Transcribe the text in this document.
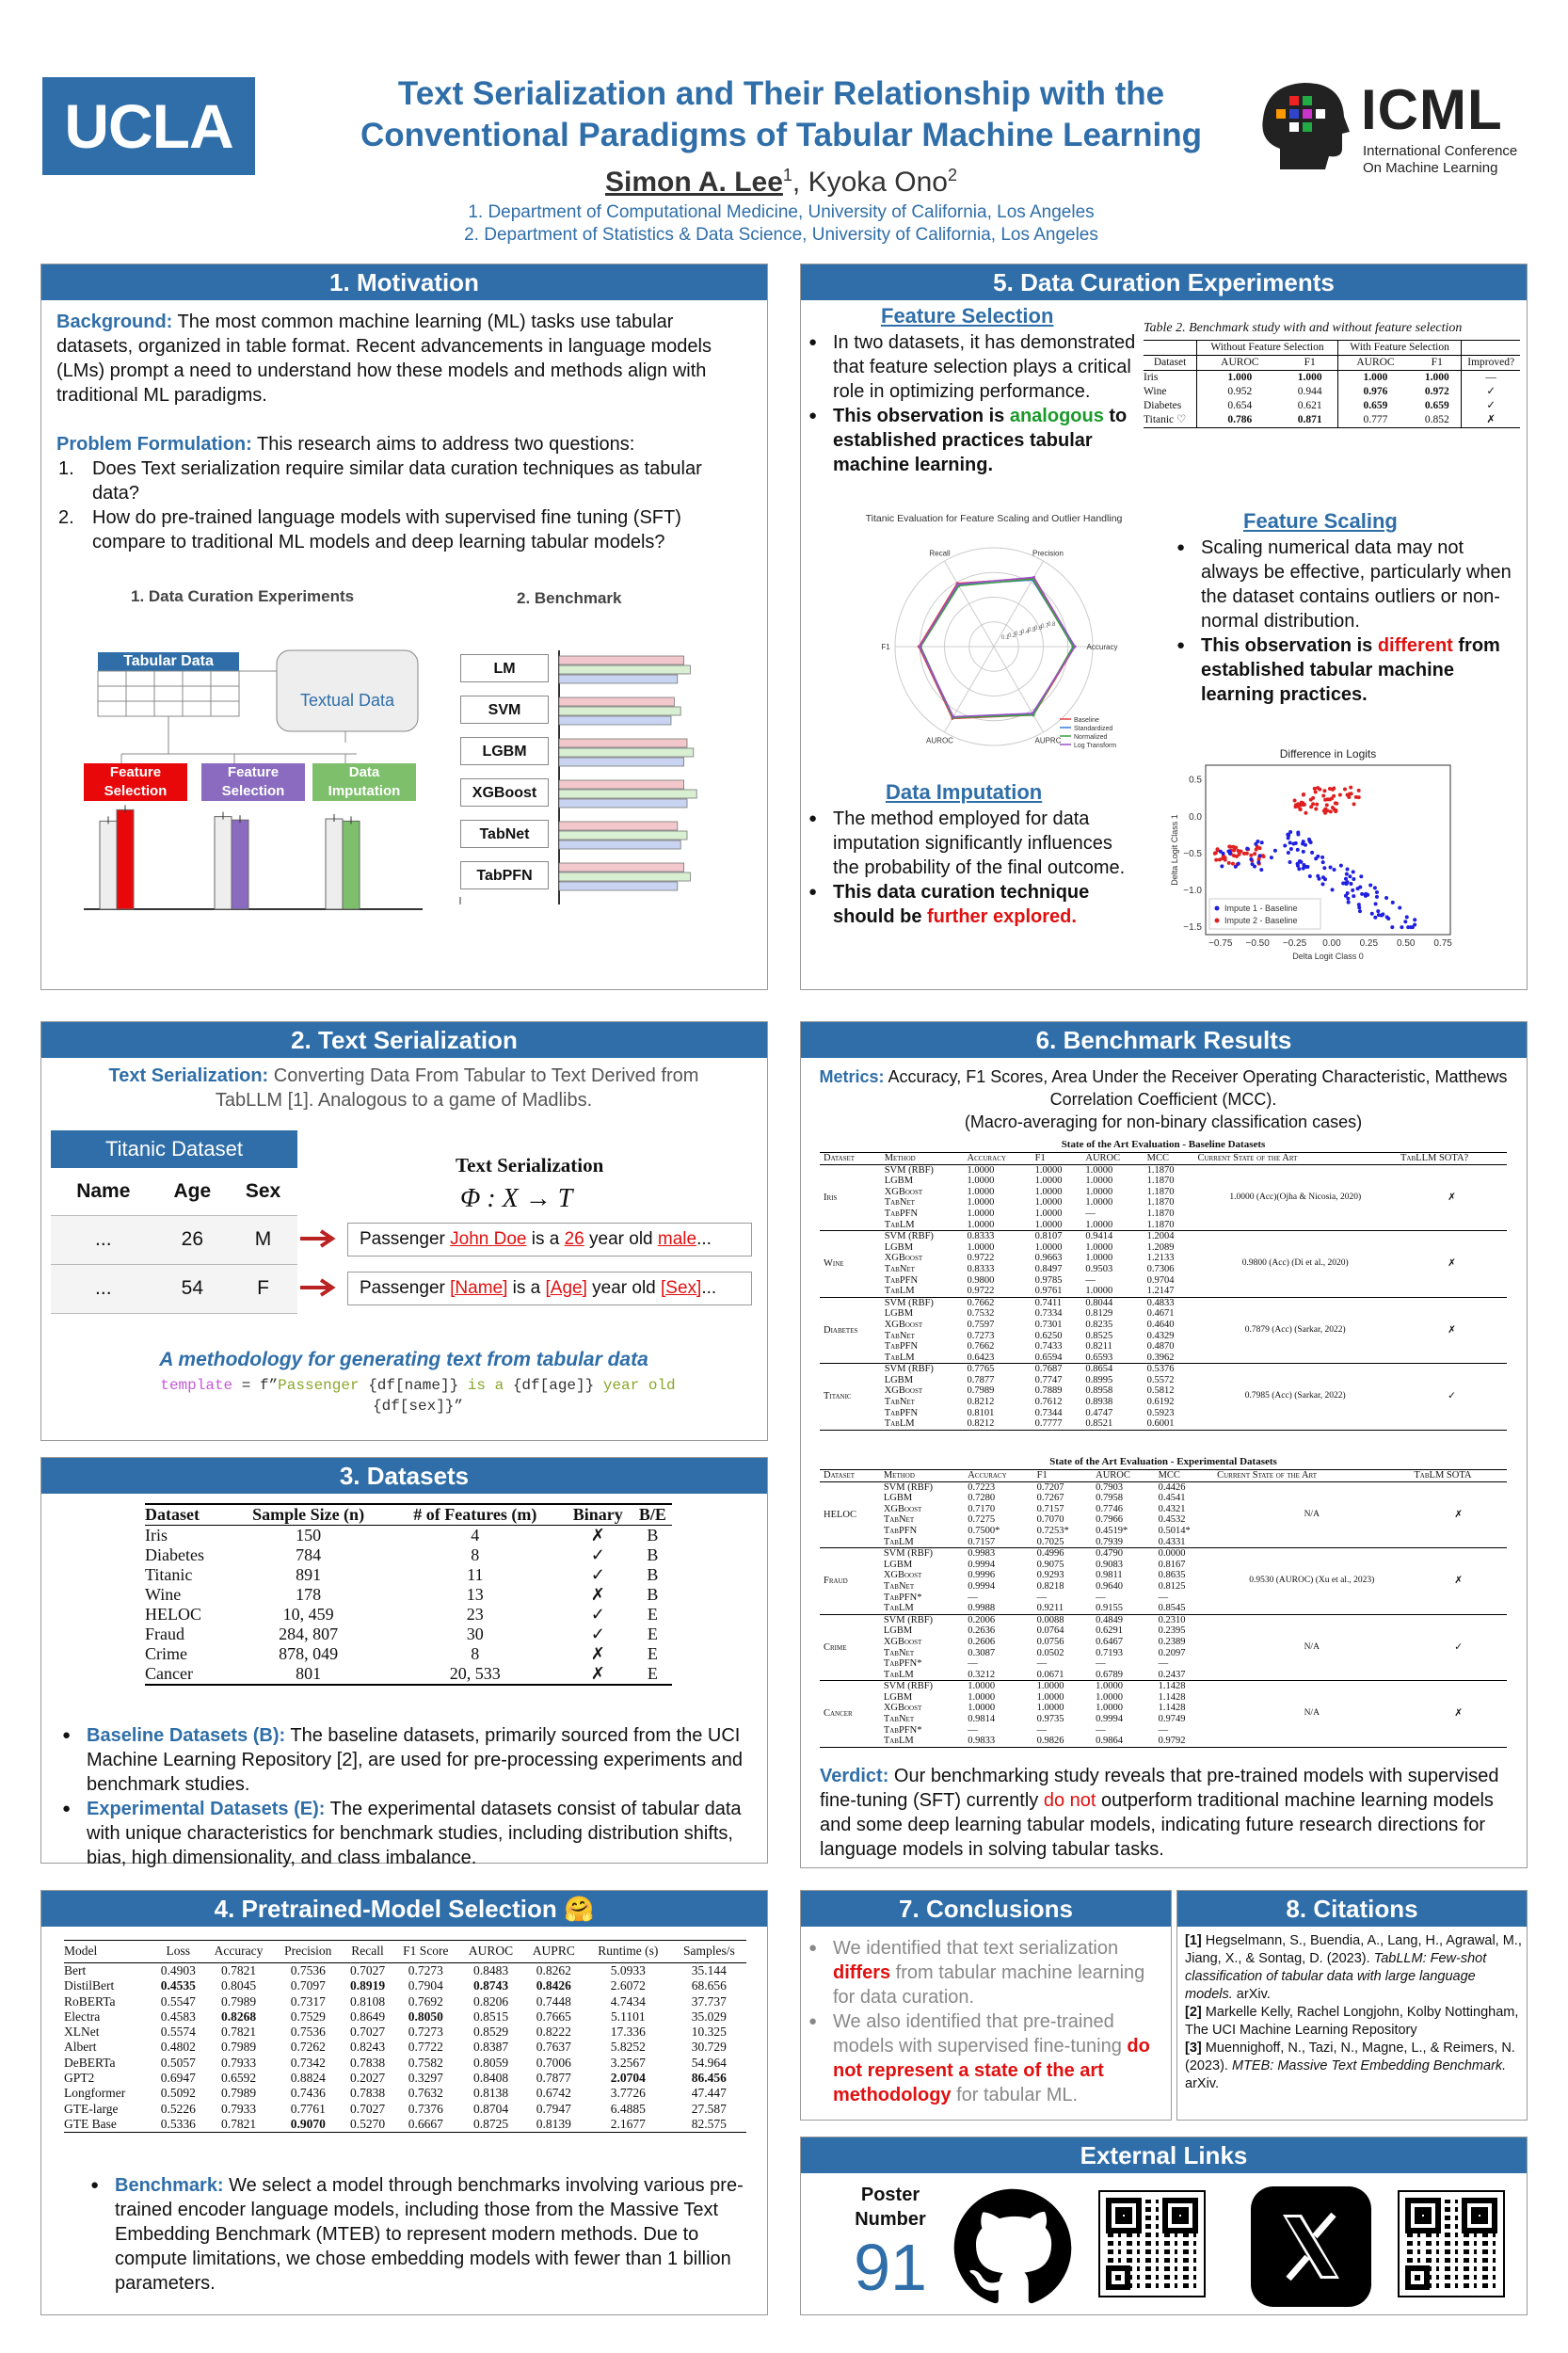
UCLA	Text Serialization and Their Relationship with the
Conventional Paradigms of Tabular Machine Learning
Simon A. Lee$^1$, Kyoka Ono$^2$
1. Department of Computational Medicine, University of California, Los Angeles
2. Department of Statistics & Data Science, University of California, Los Angeles
ICML
International Conference
On Machine Learning
1. Motivation

Background: The most common machine learning (ML) tasks use tabular datasets, organized in table format. Recent advancements in language models (LMs) prompt a need to understand how these models and methods align with traditional ML paradigms.

Problem Formulation: This research aims to address two questions:

1. Does Text serialization require similar data curation techniques as tabular data?
2. How do pre-trained language models with supervised fine tuning (SFT) compare to traditional ML models and deep learning tabular models?
1. Data Curation Experiments	2. Benchmark
Tabular Data
Textual Data
Feature Selection
Feature Selection
Data Imputation
LM
SVM
LGBM
XGBoost
TabNet
TabPFN
2. Text Serialization
Text Serialization: Converting Data From Tabular to Text Derived from TabLLM [1]. Analogous to a game of Madlibs.
Titanic Dataset
Name	Age	Sex
...	26	M
...	54	F
Text Serialization
Φ : X → T
Passenger John Doe is a 26 year old male...
Passenger [Name] is a [Age] year old [Sex]...
A methodology for generating text from tabular data
template = f”Passenger {df[name]} is a {df[age]} year old {df[sex]}”
3. Datasets
Dataset	Sample Size (n)	# of Features (m)	Binary	B/E
Iris	150	4	✗	B
Diabetes	784	8	✓	B
Titanic	891	11	✓	B
Wine	178	13	✗	B
HELOC	10, 459	23	✓	E
Fraud	284, 807	30	✓	E
Crime	878, 049	8	✗	E
Cancer	801	20, 533	✗	E
● Baseline Datasets (B): The baseline datasets, primarily sourced from the UCI Machine Learning Repository [2], are used for pre-processing experiments and benchmark studies.
● Experimental Datasets (E): The experimental datasets consist of tabular data with unique characteristics for benchmark studies, including distribution shifts, bias, high dimensionality, and class imbalance.
4. Pretrained-Model Selection 🤗
Model	Loss	Accuracy	Precision	Recall	F1 Score	AUROC	AUPRC	Runtime (s)	Samples/s
Bert	0.4903	0.7821	0.7536	0.7027	0.7273	0.8483	0.8262	5.0933	35.144
DistilBert	0.4535	0.8045	0.7097	0.8919	0.7904	0.8743	0.8426	2.6072	68.656
RoBERTa	0.5547	0.7989	0.7317	0.8108	0.7692	0.8206	0.7448	4.7434	37.737
Electra	0.4583	0.8268	0.7529	0.8649	0.8050	0.8515	0.7665	5.1101	35.029
XLNet	0.5574	0.7821	0.7536	0.7027	0.7273	0.8529	0.8222	17.336	10.325
Albert	0.4802	0.7989	0.7262	0.8243	0.7722	0.8387	0.7637	5.8252	30.729
DeBERTa	0.5057	0.7933	0.7342	0.7838	0.7582	0.8059	0.7006	3.2567	54.964
GPT2	0.6947	0.6592	0.8824	0.2027	0.3297	0.8408	0.7877	2.0704	86.456
Longformer	0.5092	0.7989	0.7436	0.7838	0.7632	0.8138	0.6742	3.7726	47.447
GTE-large	0.5226	0.7933	0.7761	0.7027	0.7376	0.8704	0.7947	6.4885	27.587
GTE Base	0.5336	0.7821	0.9070	0.5270	0.6667	0.8725	0.8139	2.1677	82.575
● Benchmark: We select a model through benchmarks involving various pre-trained encoder language models, including those from the Massive Text Embedding Benchmark (MTEB) to represent modern methods. Due to compute limitations, we chose embedding models with fewer than 1 billion parameters.
5. Data Curation Experiments
Feature Selection
● In two datasets, it has demonstrated that feature selection plays a critical role in optimizing performance.
● This observation is analogous to established practices tabular machine learning.
Table 2. Benchmark study with and without feature selection
	Without Feature Selection		With Feature Selection		
Dataset	AUROC	F1	AUROC	F1	Improved?
Iris	1.000	1.000	1.000	1.000	—
Wine	0.952	0.944	0.976	0.972	✓
Diabetes	0.654	0.621	0.659	0.659	✓
Titanic ♡	0.786	0.871	0.777	0.852	✗
Titanic Evaluation for Feature Scaling and Outlier Handling
Recall	Precision
Accuracy
AUPRC
AUROC
F1
0.1
0.2
0.3
0.4
0.5
0.6
0.7
0.8
Baseline
Standardized
Normalized
Log Transform
Feature Scaling
● Scaling numerical data may not always be effective, particularly when the dataset contains outliers or non-normal distribution.
● This observation is different from established tabular machine learning practices.
Data Imputation
● The method employed for data imputation significantly influences the probability of the final outcome.
● This data curation technique should be further explored.
Difference in Logits
−0.75 −0.50 −0.25 0.00 0.25 0.50 0.75
0.5
0.0
−0.5
−1.0
−1.5
Delta Logit Class 0
Delta Logit Class 1
Impute 1 - Baseline
Impute 2 - Baseline
6. Benchmark Results
Metrics: Accuracy, F1 Scores, Area Under the Receiver Operating Characteristic, Matthews Correlation Coefficient (MCC).
(Macro-averaging for non-binary classification cases)
State of the Art Evaluation - Baseline Datasets
Dataset	Method	Accuracy	F1	AUROC	MCC	Current State of the Art	TabLLM SOTA?
Iris	SVM (RBF)	1.0000	1.0000	1.0000	1.1870	1.0000 (Acc)(Ojha & Nicosia, 2020)	✗
	LGBM	1.0000	1.0000	1.0000	1.1870		
	XGBoost	1.0000	1.0000	1.0000	1.1870		
	TabNet	1.0000	1.0000	1.0000	1.1870		
	TabPFN	1.0000	1.0000	—	1.1870		
	TabLM	1.0000	1.0000	1.0000	1.1870		
Wine	SVM (RBF)	0.8333	0.8107	0.9414	1.2004	0.9800 (Acc) (Di et al., 2020)	✗
	LGBM	1.0000	1.0000	1.0000	1.2089		
	XGBoost	0.9722	0.9663	1.0000	1.2133		
	TabNet	0.8333	0.8497	0.9503	0.7306		
	TabPFN	0.9800	0.9785	—	0.9704		
	TabLM	0.9722	0.9761	1.0000	1.2147		
Diabetes	SVM (RBF)	0.7662	0.7411	0.8044	0.4833	0.7879 (Acc) (Sarkar, 2022)	✗
	LGBM	0.7532	0.7334	0.8129	0.4671		
	XGBoost	0.7597	0.7301	0.8235	0.4640		
	TabNet	0.7273	0.6250	0.8525	0.4329		
	TabPFN	0.7662	0.7433	0.8211	0.4870		
	TabLM	0.6423	0.6594	0.6593	0.3962		
Titanic	SVM (RBF)	0.7765	0.7687	0.8654	0.5376	0.7985 (Acc) (Sarkar, 2022)	✓
	LGBM	0.7877	0.7747	0.8995	0.5572		
	XGBoost	0.7989	0.7889	0.8958	0.5812		
	TabNet	0.8212	0.7612	0.8938	0.6192		
	TabPFN	0.8101	0.7344	0.4747	0.5923		
	TabLM	0.8212	0.7777	0.8521	0.6001		
State of the Art Evaluation - Experimental Datasets
Dataset	Method	Accuracy	F1	AUROC	MCC	Current State of the Art	TabLM SOTA
HELOC	SVM (RBF)	0.7223	0.7207	0.7903	0.4426	N/A	✗
	LGBM	0.7280	0.7267	0.7958	0.4541		
	XGBoost	0.7170	0.7157	0.7746	0.4321		
	TabNet	0.7275	0.7070	0.7966	0.4532		
	TabPFN	0.7500*	0.7253*	0.4519*	0.5014*		
	TabLM	0.7157	0.7025	0.7939	0.4331		
Fraud	SVM (RBF)	0.9983	0.4996	0.4790	0.0000	0.9530 (AUROC) (Xu et al., 2023)	✗
	LGBM	0.9994	0.9075	0.9083	0.8167		
	XGBoost	0.9996	0.9293	0.9811	0.8635		
	TabNet	0.9994	0.8218	0.9640	0.8125		
	TabPFN*	—	—	—	—		
	TabLM	0.9988	0.9211	0.9155	0.8545		
Crime	SVM (RBF)	0.2006	0.0088	0.4849	0.2310	N/A	✓
	LGBM	0.2636	0.0764	0.6291	0.2395		
	XGBoost	0.2606	0.0756	0.6467	0.2389		
	TabNet	0.3087	0.0502	0.7193	0.2097		
	TabPFN*	—	—	—	—		
	TabLM	0.3212	0.0671	0.6789	0.2437		
Cancer	SVM (RBF)	1.0000	1.0000	1.0000	1.1428	N/A	✗
	LGBM	1.0000	1.0000	1.0000	1.1428		
	XGBoost	1.0000	1.0000	1.0000	1.1428		
	TabNet	0.9814	0.9735	0.9994	0.9749		
	TabPFN*	—	—	—	—		
	TabLM	0.9833	0.9826	0.9864	0.9792		
Verdict: Our benchmarking study reveals that pre-trained models with supervised fine-tuning (SFT) currently do not outperform traditional machine learning models and some deep learning tabular models, indicating future research directions for language models in solving tabular tasks.
7. Conclusions
● We identified that text serialization differs from tabular machine learning for data curation.
● We also identified that pre-trained models with supervised fine-tuning do not represent a state of the art methodology for tabular ML.
8. Citations

[1] Hegselmann, S., Buendia, A., Lang, H., Agrawal, M., Jiang, X., & Sontag, D. (2023). TabLLM: Few-shot classification of tabular data with large language models. arXiv.

[2] Markelle Kelly, Rachel Longjohn, Kolby Nottingham, The UCI Machine Learning Repository

[3] Muennighoff, N., Tazi, N., Magne, L., & Reimers, N. (2023). MTEB: Massive Text Embedding Benchmark. arXiv.

External Links
Poster
Number
91
